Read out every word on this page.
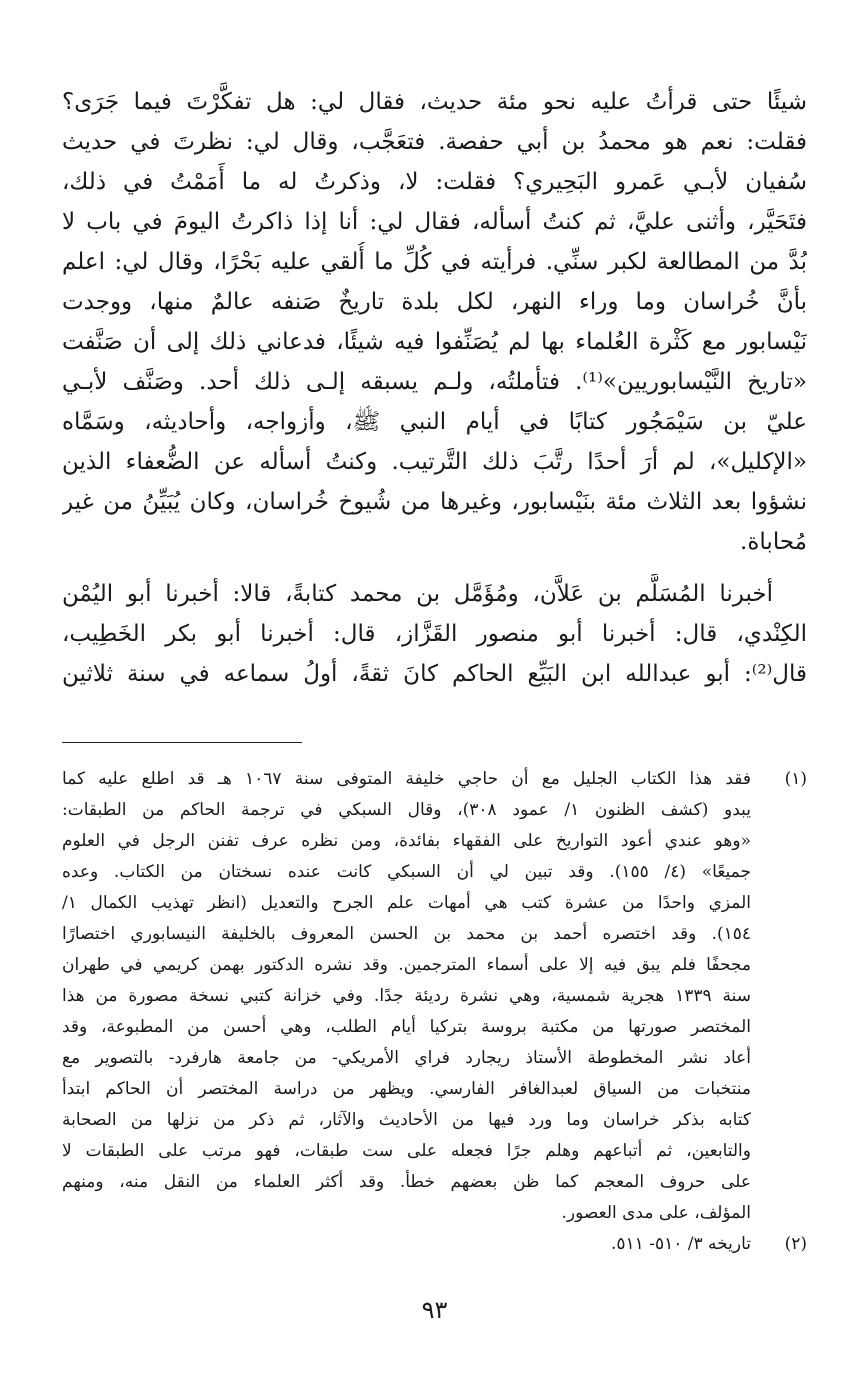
شيئًا حتى قرأتُ عليه نحو مئة حديث، فقال لي: هل تفكَّرْتَ فيما جَرَى؟
فقلت: نعم هو محمدُ بن أبي حفصة. فتعَجَّب، وقال لي: نظرتَ في حديث
سُفيان لأبـي عَمرو البَحِيري؟ فقلت: لا، وذكرتُ له ما أَمَمْتُ في ذلك،
فتَحَيَّر، وأثنى عليَّ، ثم كنتُ أسأله، فقال لي: أنا إذا ذاكرتُ اليومَ في باب لا
بُدَّ من المطالعة لكبر سنِّي. فرأيته في كُلِّ ما أُلقي عليه بَحْرًا، وقال لي: اعلم
بأنَّ خُراسان وما وراء النهر، لكل بلدة تاريخٌ صَنفه عالمٌ منها، ووجدت
نَيْسابور مع كَثْرة العُلماء بها لم يُصَنِّفوا فيه شيئًا، فدعاني ذلك إلى أن صَنَّفت
«تاريخ النَّيْسابوريين»⁽¹⁾. فتأملتُه، ولـم يسبقه إلـى ذلك أحد. وصَنَّف لأبـي
عليّ بن سَيْمَجُور كتابًا في أيام النبي ﷺ، وأزواجه، وأحاديثه، وسَمَّاه
«الإكليل»، لم أرَ أحدًا رتَّبَ ذلك التَّرتيب. وكنتُ أسأله عن الضُّعفاء الذين
نشؤوا بعد الثلاث مئة بنَيْسابور، وغيرها من شُيوخ خُراسان، وكان يُبَيِّنُ من غير
مُحاباة.
أخبرنا المُسَلَّم بن عَلاَّن، ومُؤَمَّل بن محمد كتابةً، قالا: أخبرنا أبو اليُمْن
الكِنْدي، قال: أخبرنا أبو منصور القَزَّاز، قال: أخبرنا أبو بكر الخَطِيب،
قال⁽²⁾: أبو عبدالله ابن البَيِّع الحاكم كانَ ثقةً، أولُ سماعه في سنة ثلاثين
(١)
فقد هذا الكتاب الجليل مع أن حاجي خليفة المتوفى سنة ١٠٦٧ هـ قد اطلع عليه كما
يبدو (كشف الظنون ١/ عمود ٣٠٨)، وقال السبكي في ترجمة الحاكم من الطبقات:
«وهو عندي أعود التواريخ على الفقهاء بفائدة، ومن نظره عرف تفنن الرجل في العلوم
جميعًا» (٤/ ١٥٥). وقد تبين لي أن السبكي كانت عنده نسختان من الكتاب. وعده
المزي واحدًا من عشرة كتب هي أمهات علم الجرح والتعديل (انظر تهذيب الكمال ١/
١٥٤). وقد اختصره أحمد بن محمد بن الحسن المعروف بالخليفة النيسابوري اختصارًا
مجحفًا فلم يبق فيه إلا على أسماء المترجمين. وقد نشره الدكتور بهمن كريمي في طهران
سنة ١٣٣٩ هجرية شمسية، وهي نشرة رديئة جدًا. وفي خزانة كتبي نسخة مصورة من هذا
المختصر صورتها من مكتبة بروسة بتركيا أيام الطلب، وهي أحسن من المطبوعة، وقد
أعاد نشر المخطوطة الأستاذ ريجارد فراي الأمريكي- من جامعة هارفرد- بالتصوير مع
منتخبات من السياق لعبدالغافر الفارسي. ويظهر من دراسة المختصر أن الحاكم ابتدأ
كتابه بذكر خراسان وما ورد فيها من الأحاديث والآثار، ثم ذكر من نزلها من الصحابة
والتابعين، ثم أتباعهم وهلم جرًا فجعله على ست طبقات، فهو مرتب على الطبقات لا
على حروف المعجم كما ظن بعضهم خطأ. وقد أكثر العلماء من النقل منه، ومنهم
المؤلف، على مدى العصور.
(٢)
تاريخه ٣/ ٥١٠- ٥١١.
٩٣
